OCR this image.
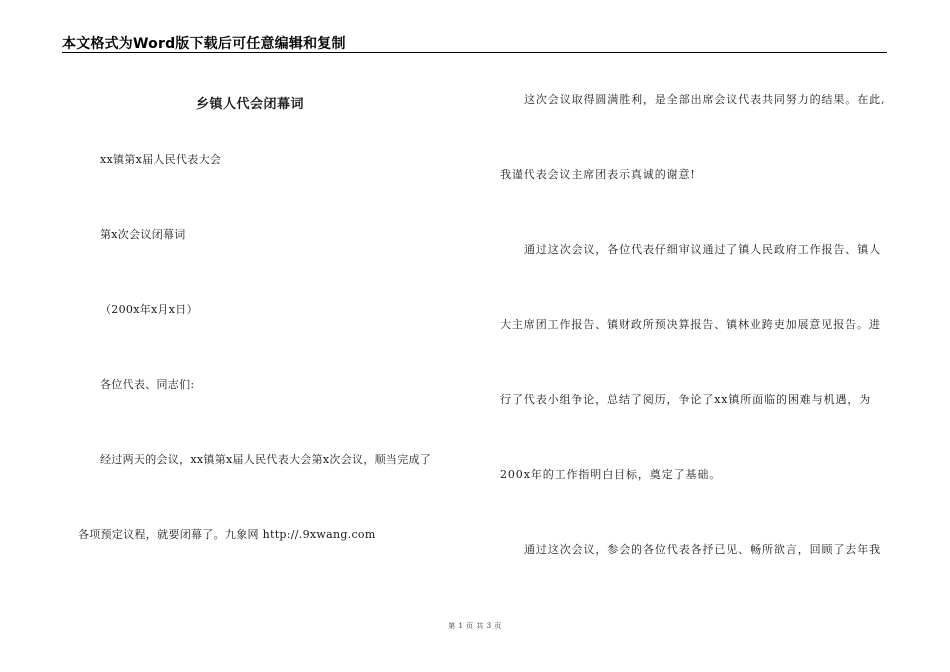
本文格式为Word版下载后可任意编辑和复制
乡镇人代会闭幕词
xx镇第x届人民代表大会
第x次会议闭幕词
（200x年x月x日）
各位代表、同志们:
经过两天的会议，xx镇第x届人民代表大会第x次会议，顺当完成了
各项预定议程，就要闭幕了。九象网 http://.9xwang.com
这次会议取得圆满胜利，是全部出席会议代表共同努力的结果。在此,
我谨代表会议主席团表示真诚的谢意!
通过这次会议，各位代表仔细审议通过了镇人民政府工作报告、镇人
大主席团工作报告、镇财政所预决算报告、镇林业跨吏加展意见报告。进
行了代表小组争论，总结了阅历，争论了xx镇所面临的困难与机遇，为
200x年的工作指明白目标，奠定了基础。
通过这次会议，参会的各位代表各抒已见、畅所欲言，回顾了去年我
第 1 页 共 3 页
